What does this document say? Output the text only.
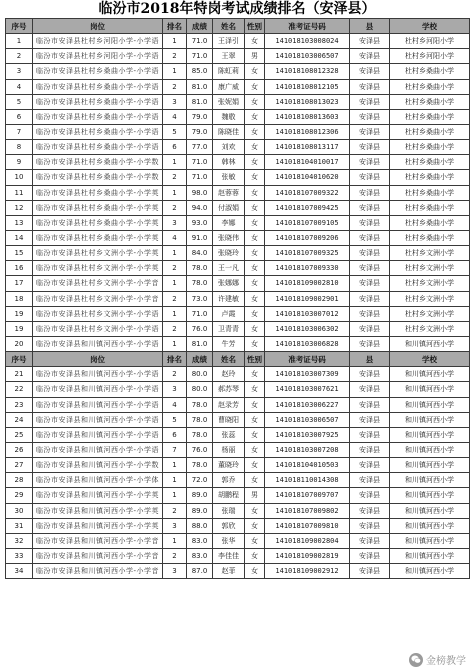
临汾市2018年特岗考试成绩排名（安泽县）
序号	岗位	排名	成绩	姓名	性别	准考证号码	县	学校
1	临汾市安泽县杜村乡河阳小学-小学语	1	71.0	王泽引	女	141018103008024	安泽县	杜村乡河阳小学
2	临汾市安泽县杜村乡河阳小学-小学语	2	71.0	王翠	男	141018103006507	安泽县	杜村乡河阳小学
3	临汾市安泽县杜村乡桑曲小学-小学语	1	85.0	陈虹莉	女	141018108012328	安泽县	杜村乡桑曲小学
4	临汾市安泽县杜村乡桑曲小学-小学语	2	81.0	康广威	女	141018108012105	安泽县	杜村乡桑曲小学
5	临汾市安泽县杜村乡桑曲小学-小学语	3	81.0	张妮娟	女	141018108013023	安泽县	杜村乡桑曲小学
6	临汾市安泽县杜村乡桑曲小学-小学语	4	79.0	魏敬	女	141018108013603	安泽县	杜村乡桑曲小学
7	临汾市安泽县杜村乡桑曲小学-小学语	5	79.0	陈晓佳	女	141018108012306	安泽县	杜村乡桑曲小学
8	临汾市安泽县杜村乡桑曲小学-小学语	6	77.0	刘欢	女	141018108013117	安泽县	杜村乡桑曲小学
9	临汾市安泽县杜村乡桑曲小学-小学数	1	71.0	韩林	女	141018104010017	安泽县	杜村乡桑曲小学
10	临汾市安泽县杜村乡桑曲小学-小学数	2	71.0	张敏	女	141018104010620	安泽县	杜村乡桑曲小学
11	临汾市安泽县杜村乡桑曲小学-小学英	1	98.0	赵蓉蓉	女	141018107009322	安泽县	杜村乡桑曲小学
12	临汾市安泽县杜村乡桑曲小学-小学英	2	94.0	付淑娟	女	141018107009425	安泽县	杜村乡桑曲小学
13	临汾市安泽县杜村乡桑曲小学-小学英	3	93.0	李娜	女	141018107009105	安泽县	杜村乡桑曲小学
14	临汾市安泽县杜村乡桑曲小学-小学英	4	91.0	张晓伟	女	141018107009206	安泽县	杜村乡桑曲小学
15	临汾市安泽县杜村乡文洲小学-小学英	1	84.0	张晓玲	女	141018107009325	安泽县	杜村乡文洲小学
16	临汾市安泽县杜村乡文洲小学-小学英	2	78.0	王一凡	女	141018107009330	安泽县	杜村乡文洲小学
17	临汾市安泽县杜村乡文洲小学-小学音	1	78.0	张娜娜	女	141018109002810	安泽县	杜村乡文洲小学
18	临汾市安泽县杜村乡文洲小学-小学音	2	73.0	许建敏	女	141018109002901	安泽县	杜村乡文洲小学
19	临汾市安泽县杜村乡文洲小学-小学语	1	71.0	卢霞	女	141018103007012	安泽县	杜村乡文洲小学
19	临汾市安泽县杜村乡文洲小学-小学语	2	76.0	卫青青	女	141018103006302	安泽县	杜村乡文洲小学
20	临汾市安泽县和川镇河西小学-小学语	1	81.0	牛芳	女	141018103006828	安泽县	和川镇河西小学
序号	岗位	排名	成绩	姓名	性别	准考证号码	县	学校
21	临汾市安泽县和川镇河西小学-小学语	2	80.0	赵玲	女	141018103007309	安泽县	和川镇河西小学
22	临汾市安泽县和川镇河西小学-小学语	3	80.0	郝苏琴	女	141018103007621	安泽县	和川镇河西小学
23	临汾市安泽县和川镇河西小学-小学语	4	78.0	赵录芳	女	141018103006227	安泽县	和川镇河西小学
24	临汾市安泽县和川镇河西小学-小学语	5	78.0	曹晓阳	女	141018103006507	安泽县	和川镇河西小学
25	临汾市安泽县和川镇河西小学-小学语	6	78.0	张蕊	女	141018103007925	安泽县	和川镇河西小学
26	临汾市安泽县和川镇河西小学-小学语	7	76.0	杨丽	女	141018103007208	安泽县	和川镇河西小学
27	临汾市安泽县和川镇河西小学-小学数	1	78.0	董晓玲	女	141018104010503	安泽县	和川镇河西小学
28	临汾市安泽县和川镇河西小学-小学体	1	72.0	郭乔	女	141018110014308	安泽县	和川镇河西小学
29	临汾市安泽县和川镇河西小学-小学英	1	89.0	胡鹏程	男	141018107009707	安泽县	和川镇河西小学
30	临汾市安泽县和川镇河西小学-小学英	2	89.0	张瑞	女	141018107009802	安泽县	和川镇河西小学
31	临汾市安泽县和川镇河西小学-小学英	3	88.0	郭欣	女	141018107009810	安泽县	和川镇河西小学
32	临汾市安泽县和川镇河西小学-小学音	1	83.0	张华	女	141018109002804	安泽县	和川镇河西小学
33	临汾市安泽县和川镇河西小学-小学音	2	83.0	李佳佳	女	141018109002819	安泽县	和川镇河西小学
34	临汾市安泽县和川镇河西小学-小学音	3	87.0	赵菲	女	141018109002912	安泽县	和川镇河西小学
金榜教学
